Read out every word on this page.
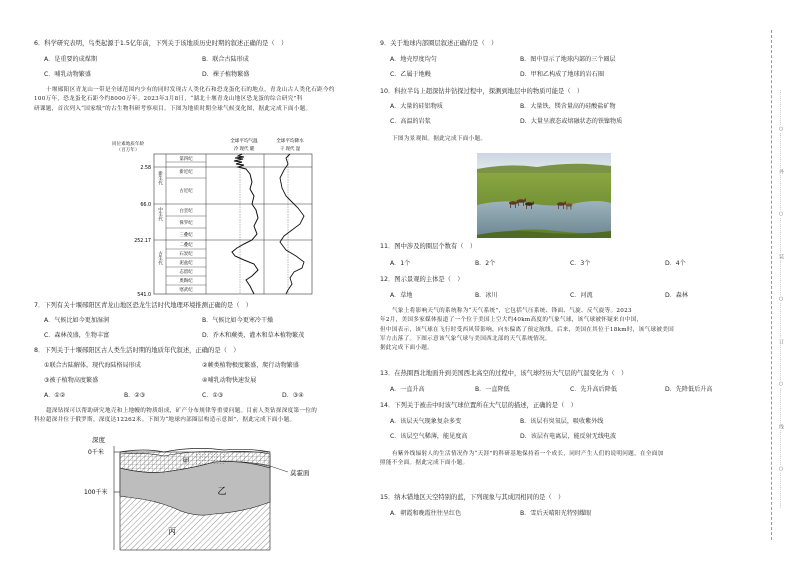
6．科学研究表明，鸟类起源于1.5亿年前，下列关于该地质历史时期的叙述正确的是（　）
A．是重要的成煤期	B．联合古陆形成
C．哺乳动物繁盛	D．裸子植物繁盛
十堰郧阳区青龙山一带是全球范围内少有的同时发现古人类化石和恐龙蛋化石的地点，青龙山古人类化石距今约
100万年，恐龙蛋化石距今约8000万年。2023年3月8日，“湖北十堰青龙山地区恐龙蛋的综合研究”科
研课题，首次列入“国家级”的古生物科研考察项目。下图为地质时期全球气候变化图，据此完成下面小题。
同位素地质年龄（百万年）
全球平均气温
冷 现代 暖
全球平均降水
干 现代 湿
2.58
66.0
252.17
541.0
新生代
中生代
古生代
第四纪
新近纪
古近纪
白垩纪
侏罗纪
三叠纪
二叠纪
石炭纪
泥盆纪
志留纪
奥陶纪
寒武纪
7．下列有关十堰郧阳区青龙山地区恐龙生活时代地理环境推测正确的是（　）
A．气候比如今更加湿润	B．气候比如今更寒冷干燥
C．森林茂盛，生物丰富	D．乔木和蕨类，灌木和草本植物繁茂
8．下列关于十堰郧阳区古人类生活时期的地质年代叙述，正确的是（　）
①联合古陆解体，现代海陆格局形成	②蕨类植物极度繁盛，爬行动物繁盛
③被子植物高度繁盛	④哺乳动物快速发展
A．①②	B．②③	C．①③	D．③④
超深钻探可以帮助研究地壳和上地幔的物质组成，矿产分布规律等重要问题。目前人类钻探深度第一位的
科拉超深井位于俄罗斯，深度达12262米。下图为“地球内部圈层构造示意图”，据此完成下面小题。
深度
0千米
100千米
甲
乙
丙
莫霍面
9．关于地球内部圈层叙述正确的是（　）
A．地壳厚度均匀	B．图中显示了地球内部的三个圈层
C．乙属于地幔	D．甲和乙构成了地球的岩石圈
10．科拉半岛上超深钻井钻探过程中，探测到地层中的物质可能是（　）
A．大量的硅铝物质	B．大量铁、镁含量高的硅酸盐矿物
C．高温的岩浆	D．大量呈液态或熔融状态的铁镍物质
下图为景观图。据此完成下面小题。
11．图中涉及的圈层个数有（　）
A．1个	B．2个	C．3个	D．4个
12．图示景观的主体是（　）
A．草地	B．冰川	C．河流	D．森林
气象上将影响天气的系统称为“天气系统”，它包括气压系统、锋面、气旋、反气旋等。2023
年2月，美国多家媒体报道了一个位于美国上空大约40km高度的气象气球，该气球被怀疑来自中国，
但中国表示，该气球在飞行时受西风带影响，向东偏离了预定航线。后来，美国在其位于18km时，该气球被美国
军方击落了。下图示意该气象气球与美国西北部的天气系统情况。
据此完成下面小题。
13．在热圈西北地面升到美国西北高空的过程中，该气球经历大气层的气温变化为（　）
A．一直升高	B．一直降低	C．先升高后降低	D．先降低后升高
14．下列关于被击中时该气球位置所在大气层的描述，正确的是（　）
A．该层天气现象复杂多变	B．该层有臭氧层，吸收紫外线
C．该层空气稀薄，能见度高	D．该层有电离层，能反射无线电波
有紫外线辐射人的生活情况作为“天涯”的科研基地保持着一个成长，同时产生人们的说明问题，在全面加
照能不全面。据此完成下面小题。
15．纳木错地区天空特别的蓝，下列现象与其成因相同的是（　）
A．朝霞和晚霞往往呈红色	B．雪后天晴阳光特别耀眼
………………○………………外………………○………………装………………○………………订………………○………………线………………○………………
